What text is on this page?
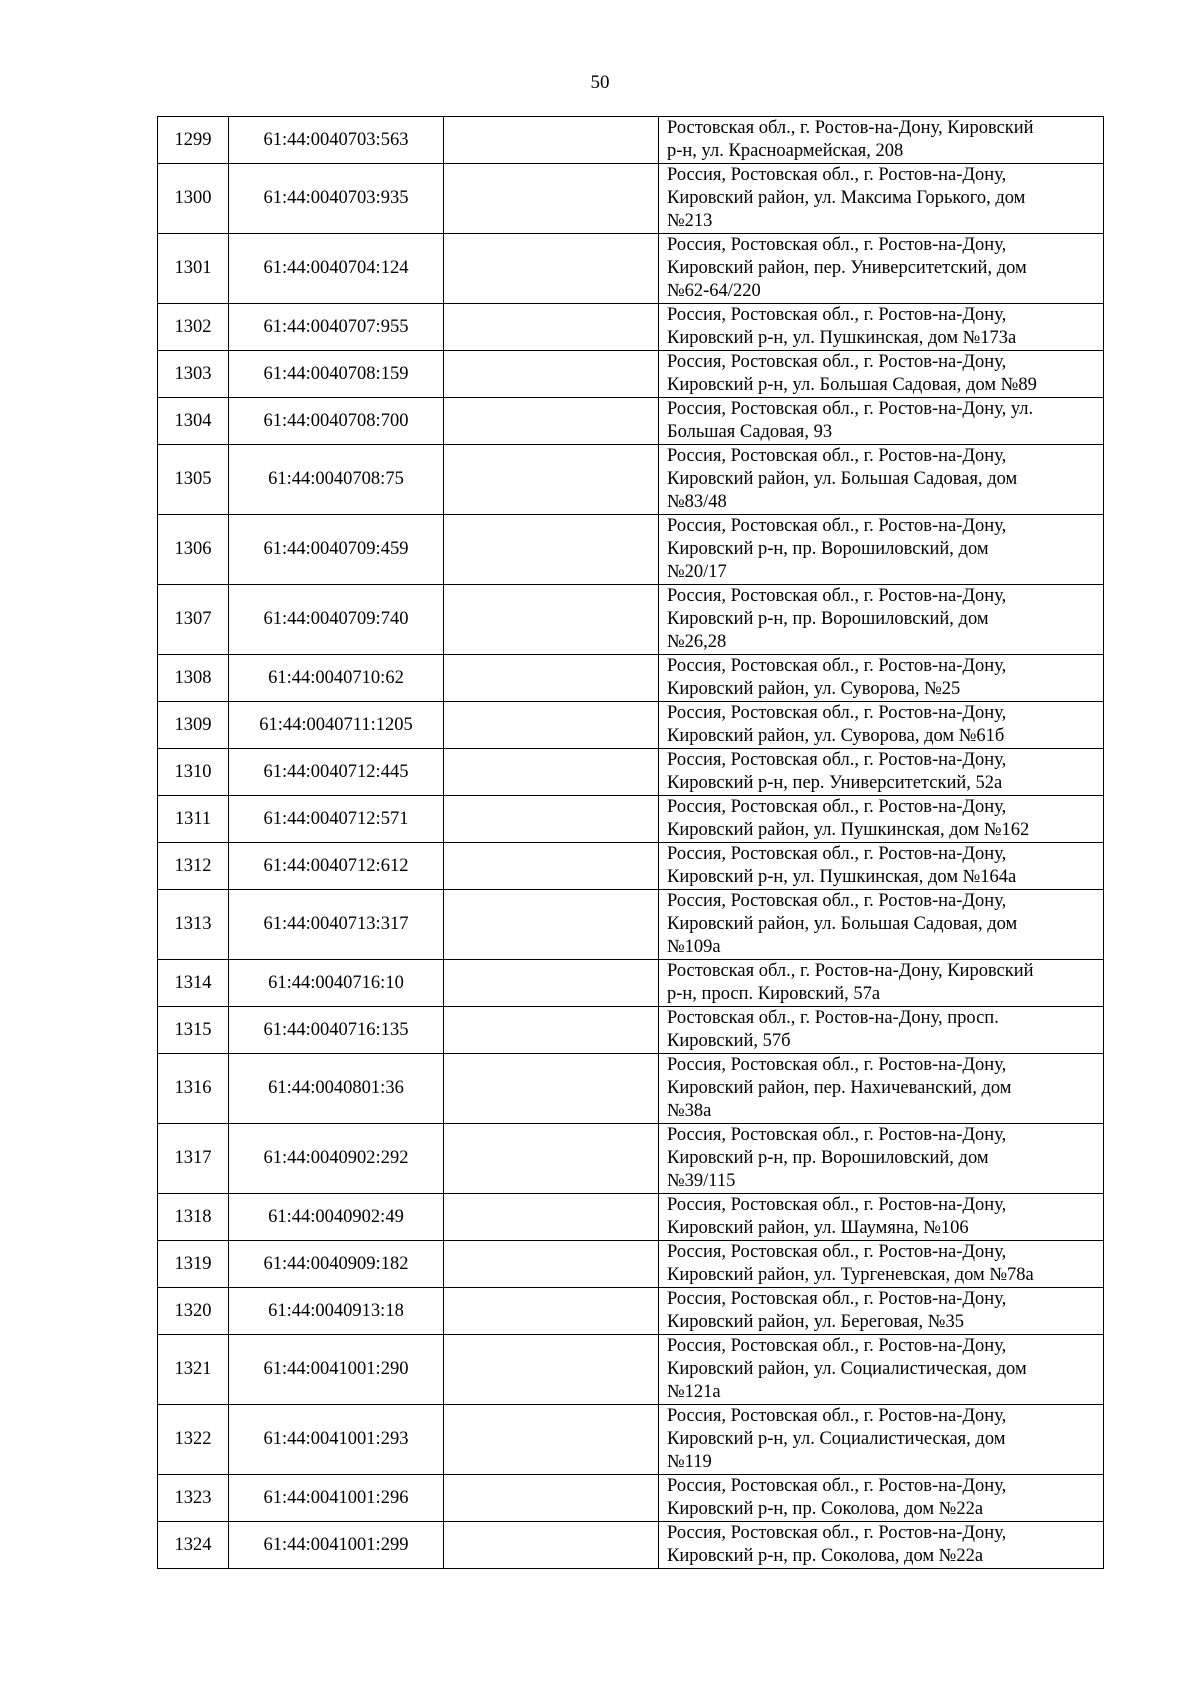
50
1299	61:44:0040703:563		Ростовская обл., г. Ростов-на-Дону, Кировский
р-н, ул. Красноармейская, 208

1300	61:44:0040703:935		Россия, Ростовская обл., г. Ростов-на-Дону,
Кировский район, ул. Максима Горького, дом
№213

1301	61:44:0040704:124		Россия, Ростовская обл., г. Ростов-на-Дону,
Кировский район, пер. Университетский, дом
№62-64/220

1302	61:44:0040707:955		Россия, Ростовская обл., г. Ростов-на-Дону,
Кировский р-н, ул. Пушкинская, дом №173а

1303	61:44:0040708:159		Россия, Ростовская обл., г. Ростов-на-Дону,
Кировский р-н, ул. Большая Садовая, дом №89

1304	61:44:0040708:700		Россия, Ростовская обл., г. Ростов-на-Дону, ул.
Большая Садовая, 93

1305	61:44:0040708:75		Россия, Ростовская обл., г. Ростов-на-Дону,
Кировский район, ул. Большая Садовая, дом
№83/48

1306	61:44:0040709:459		Россия, Ростовская обл., г. Ростов-на-Дону,
Кировский р-н, пр. Ворошиловский, дом
№20/17

1307	61:44:0040709:740		Россия, Ростовская обл., г. Ростов-на-Дону,
Кировский р-н, пр. Ворошиловский, дом
№26,28

1308	61:44:0040710:62		Россия, Ростовская обл., г. Ростов-на-Дону,
Кировский район, ул. Суворова, №25

1309	61:44:0040711:1205		Россия, Ростовская обл., г. Ростов-на-Дону,
Кировский район, ул. Суворова, дом №61б

1310	61:44:0040712:445		Россия, Ростовская обл., г. Ростов-на-Дону,
Кировский р-н, пер. Университетский, 52а

1311	61:44:0040712:571		Россия, Ростовская обл., г. Ростов-на-Дону,
Кировский район, ул. Пушкинская, дом №162

1312	61:44:0040712:612		Россия, Ростовская обл., г. Ростов-на-Дону,
Кировский р-н, ул. Пушкинская, дом №164а

1313	61:44:0040713:317		Россия, Ростовская обл., г. Ростов-на-Дону,
Кировский район, ул. Большая Садовая, дом
№109а

1314	61:44:0040716:10		Ростовская обл., г. Ростов-на-Дону, Кировский
р-н, просп. Кировский, 57а

1315	61:44:0040716:135		Ростовская обл., г. Ростов-на-Дону, просп.
Кировский, 57б

1316	61:44:0040801:36		Россия, Ростовская обл., г. Ростов-на-Дону,
Кировский район, пер. Нахичеванский, дом
№38а

1317	61:44:0040902:292		Россия, Ростовская обл., г. Ростов-на-Дону,
Кировский р-н, пр. Ворошиловский, дом
№39/115

1318	61:44:0040902:49		Россия, Ростовская обл., г. Ростов-на-Дону,
Кировский район, ул. Шаумяна, №106

1319	61:44:0040909:182		Россия, Ростовская обл., г. Ростов-на-Дону,
Кировский район, ул. Тургеневская, дом №78а

1320	61:44:0040913:18		Россия, Ростовская обл., г. Ростов-на-Дону,
Кировский район, ул. Береговая, №35

1321	61:44:0041001:290		Россия, Ростовская обл., г. Ростов-на-Дону,
Кировский район, ул. Социалистическая, дом
№121а

1322	61:44:0041001:293		Россия, Ростовская обл., г. Ростов-на-Дону,
Кировский р-н, ул. Социалистическая, дом
№119

1323	61:44:0041001:296		Россия, Ростовская обл., г. Ростов-на-Дону,
Кировский р-н, пр. Соколова, дом №22а

1324	61:44:0041001:299		Россия, Ростовская обл., г. Ростов-на-Дону,
Кировский р-н, пр. Соколова, дом №22а
